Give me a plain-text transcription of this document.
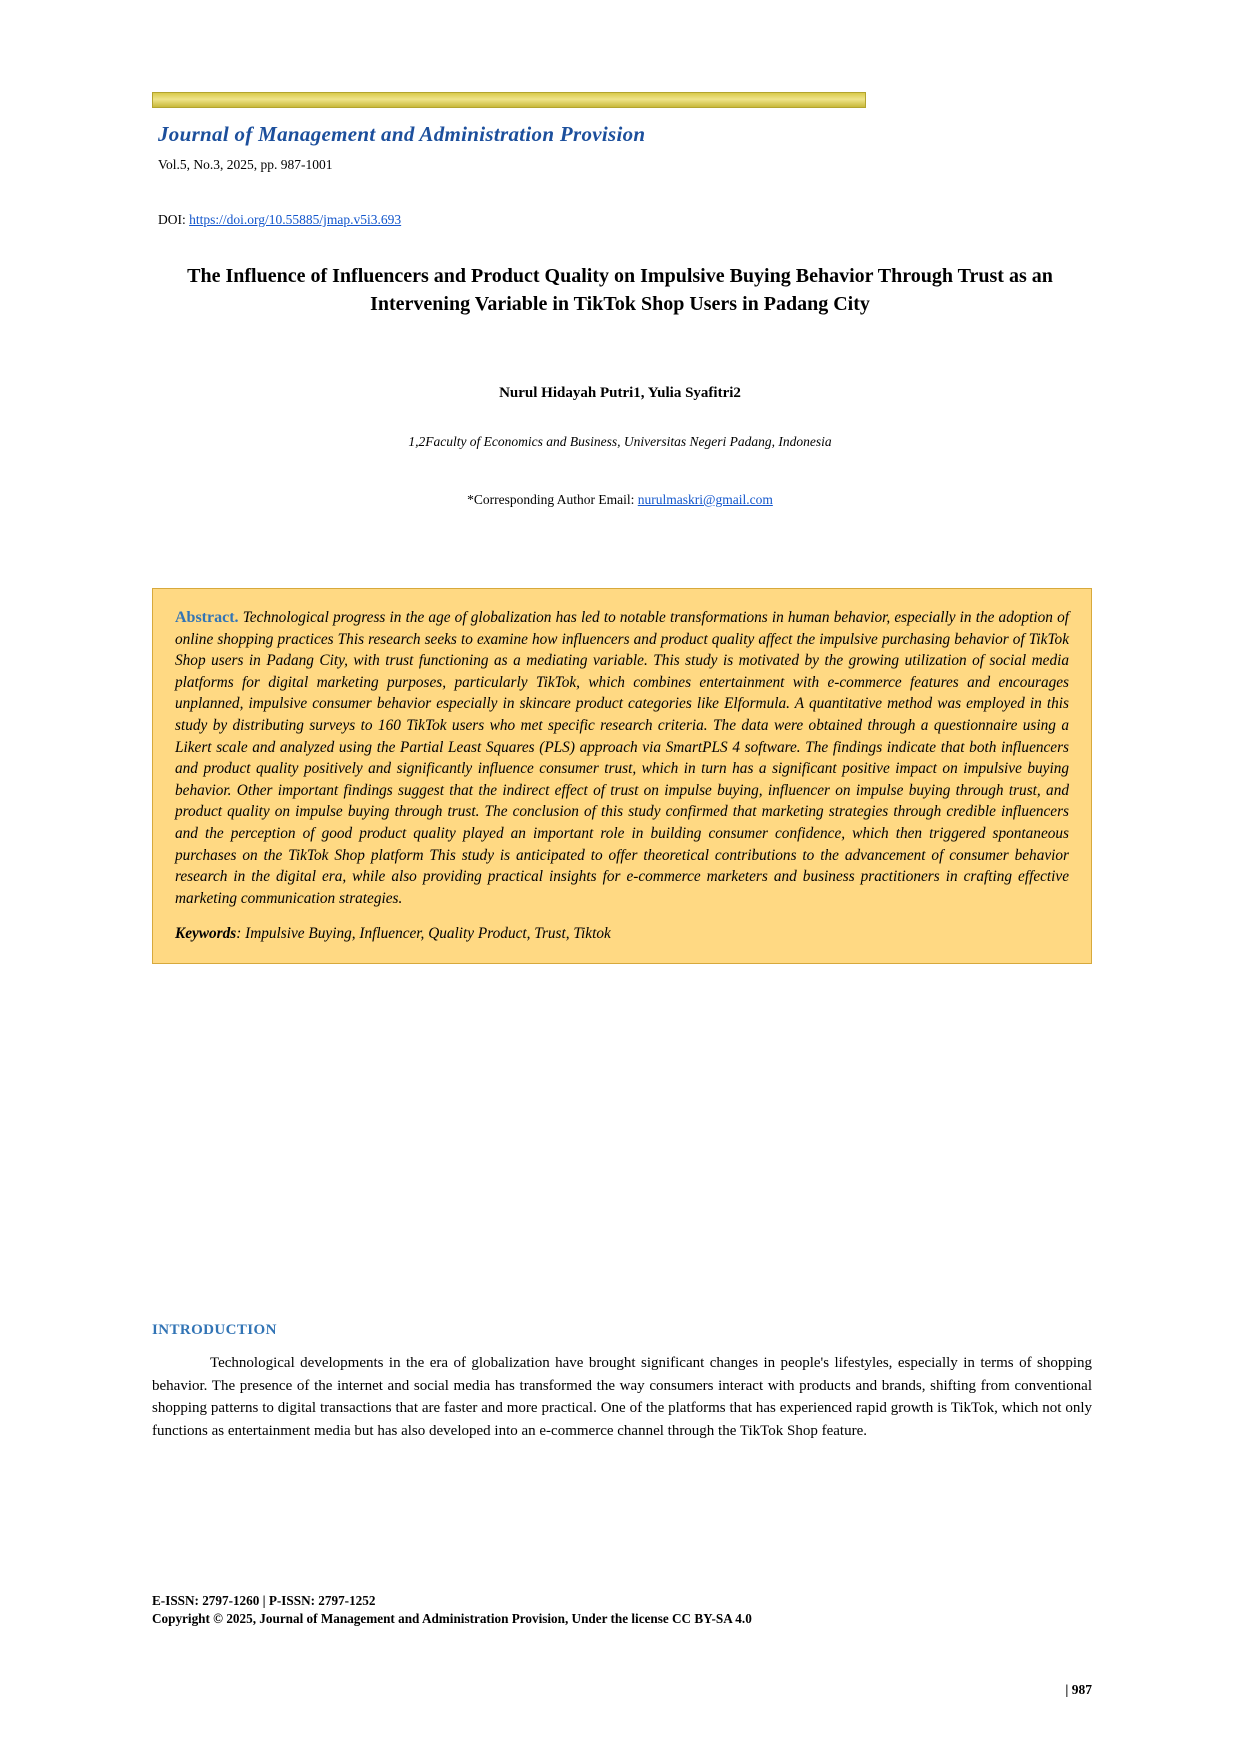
Journal of Management and Administration Provision
Vol.5, No.3, 2025, pp. 987-1001
DOI: https://doi.org/10.55885/jmap.v5i3.693
The Influence of Influencers and Product Quality on Impulsive Buying Behavior Through Trust as an Intervening Variable in TikTok Shop Users in Padang City
Nurul Hidayah Putri1, Yulia Syafitri2
1,2Faculty of Economics and Business, Universitas Negeri Padang, Indonesia
*Corresponding Author Email: nurulmaskri@gmail.com
Abstract. Technological progress in the age of globalization has led to notable transformations in human behavior, especially in the adoption of online shopping practices This research seeks to examine how influencers and product quality affect the impulsive purchasing behavior of TikTok Shop users in Padang City, with trust functioning as a mediating variable. This study is motivated by the growing utilization of social media platforms for digital marketing purposes, particularly TikTok, which combines entertainment with e-commerce features and encourages unplanned, impulsive consumer behavior especially in skincare product categories like Elformula. A quantitative method was employed in this study by distributing surveys to 160 TikTok users who met specific research criteria. The data were obtained through a questionnaire using a Likert scale and analyzed using the Partial Least Squares (PLS) approach via SmartPLS 4 software. The findings indicate that both influencers and product quality positively and significantly influence consumer trust, which in turn has a significant positive impact on impulsive buying behavior. Other important findings suggest that the indirect effect of trust on impulse buying, influencer on impulse buying through trust, and product quality on impulse buying through trust. The conclusion of this study confirmed that marketing strategies through credible influencers and the perception of good product quality played an important role in building consumer confidence, which then triggered spontaneous purchases on the TikTok Shop platform This study is anticipated to offer theoretical contributions to the advancement of consumer behavior research in the digital era, while also providing practical insights for e-commerce marketers and business practitioners in crafting effective marketing communication strategies.
Keywords: Impulsive Buying, Influencer, Quality Product, Trust, Tiktok
INTRODUCTION
Technological developments in the era of globalization have brought significant changes in people's lifestyles, especially in terms of shopping behavior. The presence of the internet and social media has transformed the way consumers interact with products and brands, shifting from conventional shopping patterns to digital transactions that are faster and more practical. One of the platforms that has experienced rapid growth is TikTok, which not only functions as entertainment media but has also developed into an e-commerce channel through the TikTok Shop feature.
E-ISSN: 2797-1260 | P-ISSN: 2797-1252
Copyright © 2025, Journal of Management and Administration Provision, Under the license CC BY-SA 4.0
| 987
